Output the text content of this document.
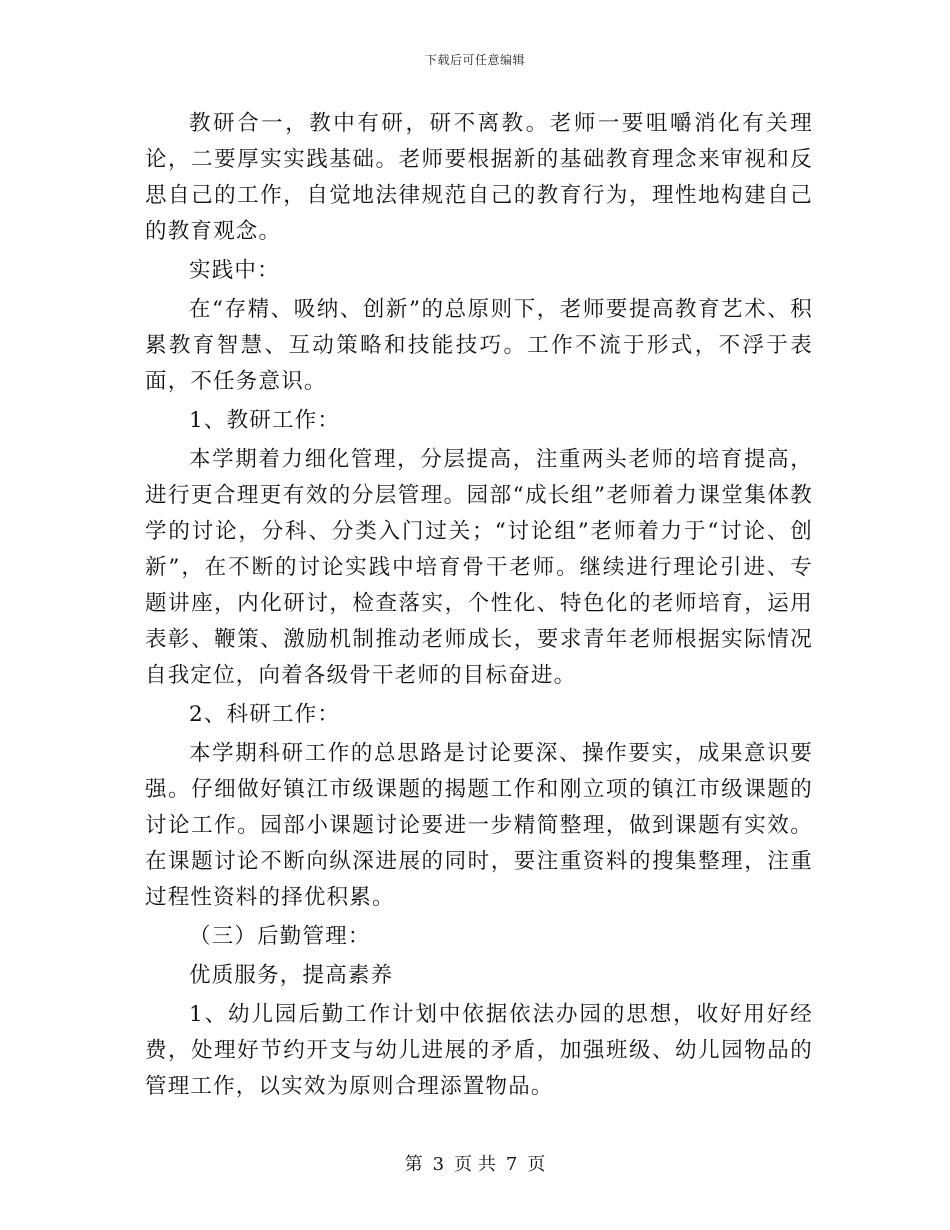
下载后可任意编辑

教研合一，教中有研，研不离教。老师一要咀嚼消化有关理论，二要厚实实践基础。老师要根据新的基础教育理念来审视和反思自己的工作，自觉地法律规范自己的教育行为，理性地构建自己的教育观念。

实践中：

在“存精、吸纳、创新”的总原则下，老师要提高教育艺术、积累教育智慧、互动策略和技能技巧。工作不流于形式，不浮于表面，不任务意识。

1、教研工作：

本学期着力细化管理，分层提高，注重两头老师的培育提高，进行更合理更有效的分层管理。园部“成长组”老师着力课堂集体教学的讨论，分科、分类入门过关；“讨论组”老师着力于“讨论、创新”，在不断的讨论实践中培育骨干老师。继续进行理论引进、专题讲座，内化研讨，检查落实，个性化、特色化的老师培育，运用表彰、鞭策、激励机制推动老师成长，要求青年老师根据实际情况自我定位，向着各级骨干老师的目标奋进。

2、科研工作：

本学期科研工作的总思路是讨论要深、操作要实，成果意识要强。仔细做好镇江市级课题的揭题工作和刚立项的镇江市级课题的讨论工作。园部小课题讨论要进一步精简整理，做到课题有实效。在课题讨论不断向纵深进展的同时，要注重资料的搜集整理，注重过程性资料的择优积累。

（三）后勤管理：

优质服务，提高素养

1、幼儿园后勤工作计划中依据依法办园的思想，收好用好经费，处理好节约开支与幼儿进展的矛盾，加强班级、幼儿园物品的管理工作，以实效为原则合理添置物品。

第 3 页 共 7 页
